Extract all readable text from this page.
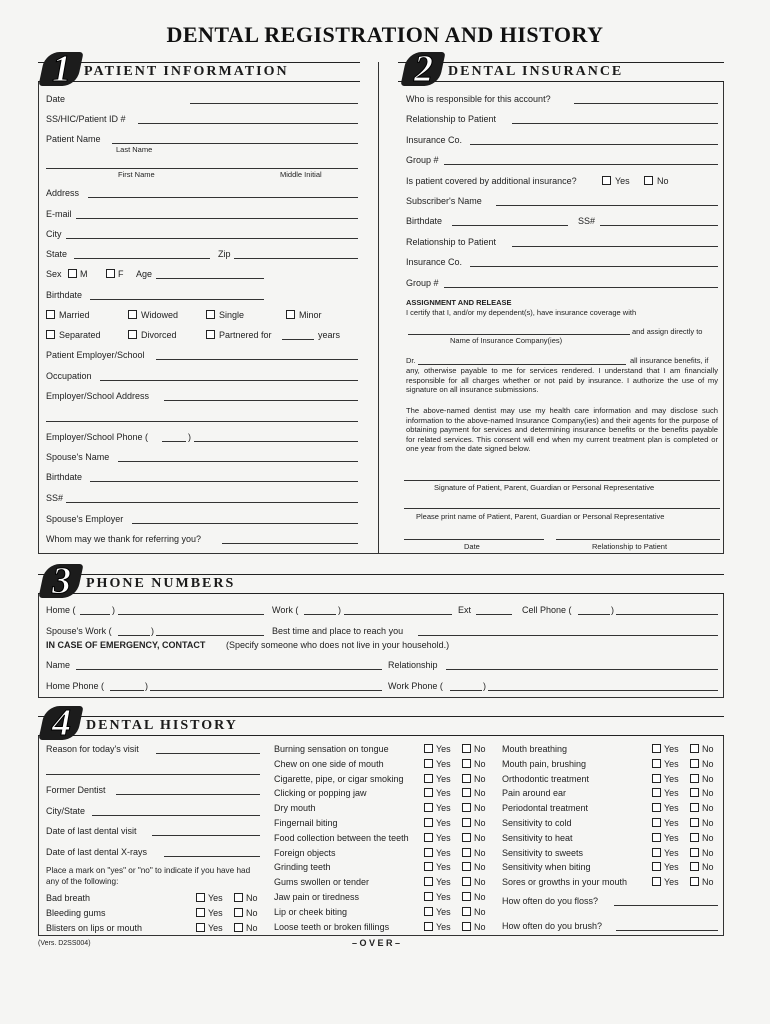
DENTAL REGISTRATION AND HISTORY
1 PATIENT INFORMATION	2	DENTAL INSURANCE
Date
SS/HIC/Patient ID #
Patient Name
Last Name
First Name	Middle Initial
Address
E-mail
City
State	Zip
Sex M	F Age
Birthdate
Married	Widowed	Single	Minor
Separated	Divorced	Partnered for	years
Patient Employer/School
Occupation
Employer/School Address
Employer/School Phone (	)
Spouse's Name
Birthdate
SS#
Spouse's Employer
Whom may we thank for referring you?
Who is responsible for this account?
Relationship to Patient
Insurance Co.
Group #
Is patient covered by additional insurance?	Yes	No
Subscriber's Name
Birthdate	SS#
Relationship to Patient
Insurance Co.
Group #
ASSIGNMENT AND RELEASE
I certify that I, and/or my dependent(s), have insurance coverage with
and assign directly to
Name of Insurance Company(ies)
Dr.	all insurance benefits, if
any, otherwise payable to me for services rendered. I understand that I am financially responsible for all charges whether or not paid by insurance. I authorize the use of my signature on all insurance submissions.
The above-named dentist may use my health care information and may disclose such information to the above-named Insurance Company(ies) and their agents for the purpose of obtaining payment for services and determining insurance benefits or the benefits payable for related services. This consent will end when my current treatment plan is completed or one year from the date signed below.
Signature of Patient, Parent, Guardian or Personal Representative
Please print name of Patient, Parent, Guardian or Personal Representative
Date	Relationship to Patient
3	PHONE NUMBERS
Home (	)	Work (	)	Ext	Cell Phone (	)
Spouse's Work (	)	Best time and place to reach you
IN CASE OF EMERGENCY, CONTACT (Specify someone who does not live in your household.)
Name	Relationship
Home Phone (	)	Work Phone (	)
4	DENTAL HISTORY
Reason for today's visit
Former Dentist
City/State
Date of last dental visit
Date of last dental X-rays
Place a mark on "yes" or "no" to indicate if you have had any of the following:
Bad breath	Yes	No
Bleeding gums	Yes	No
Blisters on lips or mouth	Yes	No
Burning sensation on tongue	Yes	No
Chew on one side of mouth	Yes	No
Cigarette, pipe, or cigar smoking	Yes	No
Clicking or popping jaw	Yes	No
Dry mouth	Yes	No
Fingernail biting	Yes	No
Food collection between the teeth	Yes	No
Foreign objects	Yes	No
Grinding teeth	Yes	No
Gums swollen or tender	Yes	No
Jaw pain or tiredness	Yes	No
Lip or cheek biting	Yes	No
Loose teeth or broken fillings	Yes	No
Mouth breathing	Yes	No
Mouth pain, brushing	Yes	No
Orthodontic treatment	Yes	No
Pain around ear	Yes	No
Periodontal treatment	Yes	No
Sensitivity to cold	Yes	No
Sensitivity to heat	Yes	No
Sensitivity to sweets	Yes	No
Sensitivity when biting	Yes	No
Sores or growths in your mouth	Yes	No
How often do you floss?
How often do you brush?
(Vers. D2SS004)	– O V E R –
